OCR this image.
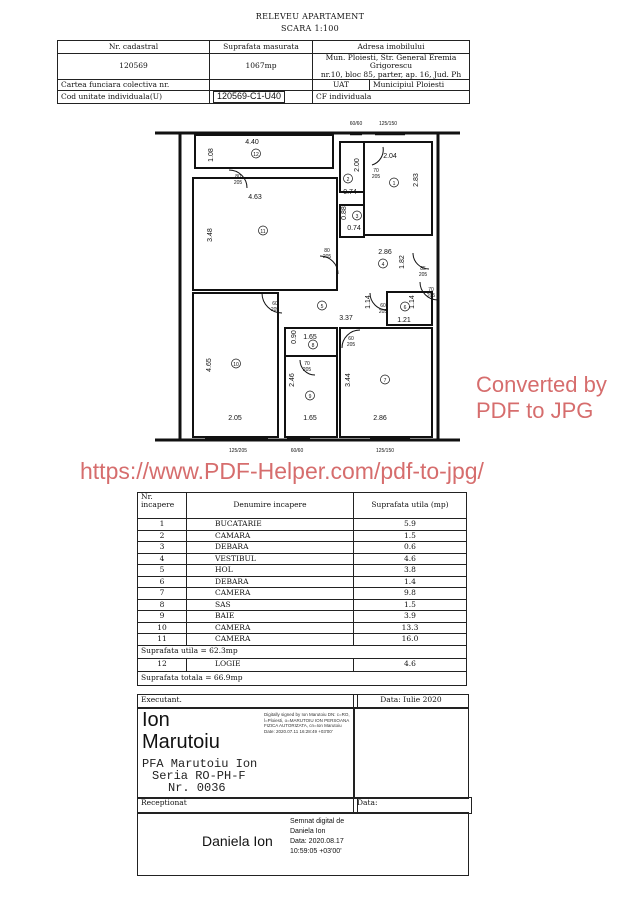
RELEVEU APARTAMENT
SCARA 1:100
Nr. cadastral	Suprafata masurata	Adresa imobilului	
120569	1067mp	Mun. Ploiesti, Str. General Eremia Grigorescu
nr.10, bloc 85, parter, ap. 16, Jud. Ph	
Cartea funciara colectiva nr.		UAT	Municipiul Ploiesti
Cod unitate individuala(U)	120569-C1-U40	CF individuala	
4.40
1.08	2.04
2.83
2.00
4.63
3.48
0.74
0.88
0.74
2.86
1.82
3.37
1.14
1.21
1.14
1.65
0.90
4.65
2.46	3.44
2.05	1.65	2.86
12
11
1
2
3
4
5	6
8
10
9
7
80 205
80 205
60 205
70 205
85 205
70 205
60 205
60 205
70 205
60/60	125/150
125/205	60/60	125/150
Converted by PDF to JPG
https://www.PDF-Helper.com/pdf-to-jpg/
Nr. incapere	Denumire incapere	Suprafata utila (mp)
1	BUCATARIE	5.9
2	CAMARA	1.5
3	DEBARA	0.6
4	VESTIBUL	4.6
5	HOL	3.8
6	DEBARA	1.4
7	CAMERA	9.8
8	SAS	1.5
9	BAIE	3.9
10	CAMERA	13.3
11	CAMERA	16.0
Suprafata utila = 62.3mp		
12	LOGIE	4.6
Suprafata totala = 66.9mp		
Executant.	Data: Iulie 2020
Ion
Marutoiu
PFA Marutoiu Ion
Seria RO-PH-F
Nr. 0036
Digitally signed by Ion Marutoiu DN: c=RO, l=Ploiesti, o=MARUTOIU ION PERSOANA FIZICA AUTORIZATA, cn=Ion Marutoiu Date: 2020.07.11 16:28:49 +03'00'
Receptionat	Data:
Daniela Ion
Semnat digital de
Daniela Ion
Data: 2020.08.17
10:59:05 +03'00'
